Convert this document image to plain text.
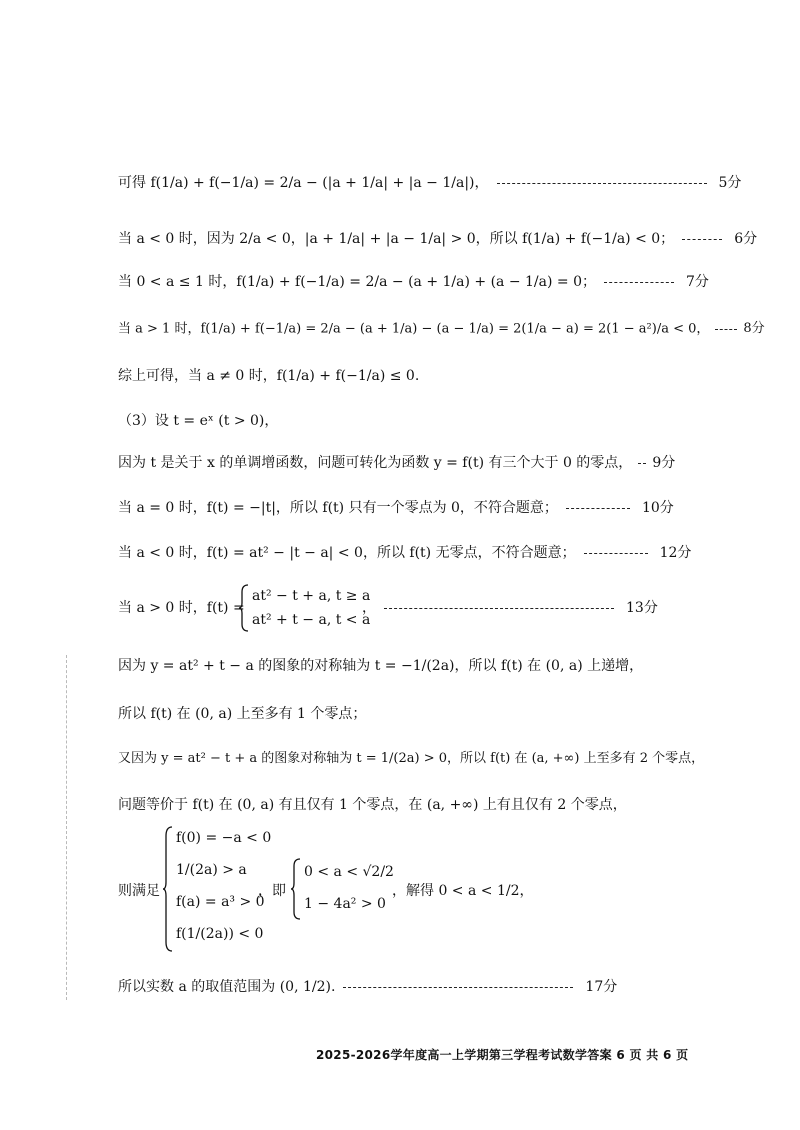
可得 f(1/a) + f(−1/a) = 2/a − (|a + 1/a| + |a − 1/a|)，	5分
当 a < 0 时，因为 2/a < 0，|a + 1/a| + |a − 1/a| > 0，所以 f(1/a) + f(−1/a) < 0；	6分
当 0 < a ≤ 1 时，f(1/a) + f(−1/a) = 2/a − (a + 1/a) + (a − 1/a) = 0；	7分
当 a > 1 时，f(1/a) + f(−1/a) = 2/a − (a + 1/a) − (a − 1/a) = 2(1/a − a) = 2(1 − a²)/a < 0，	8分
综上可得，当 a ≠ 0 时，f(1/a) + f(−1/a) ≤ 0.
（3）设 t = eˣ (t > 0)，
因为 t 是关于 x 的单调增函数，问题可转化为函数 y = f(t) 有三个大于 0 的零点， 9分
当 a = 0 时，f(t) = −|t|，所以 f(t) 只有一个零点为 0，不符合题意；	10分
当 a < 0 时，f(t) = at² − |t − a| < 0，所以 f(t) 无零点，不符合题意；	12分
当 a > 0 时，f(t) =
at² − t + a, t ≥ a
at² + t − a, t < a
，	13分
因为 y = at² + t − a 的图象的对称轴为 t = −1/(2a)，所以 f(t) 在 (0, a) 上递增，
所以 f(t) 在 (0, a) 上至多有 1 个零点；
又因为 y = at² − t + a 的图象对称轴为 t = 1/(2a) > 0，所以 f(t) 在 (a, +∞) 上至多有 2 个零点，
问题等价于 f(t) 在 (0, a) 有且仅有 1 个零点，在 (a, +∞) 上有且仅有 2 个零点，
则满足
f(0) = −a < 0
1/(2a) > a
f(a) = a³ > 0
f(1/(2a)) < 0
，即
0 < a < √2/2
1 − 4a² > 0
，解得 0 < a < 1/2，
所以实数 a 的取值范围为 (0, 1/2).	17分
2025-2026学年度高一上学期第三学程考试数学答案 6 页 共 6 页
